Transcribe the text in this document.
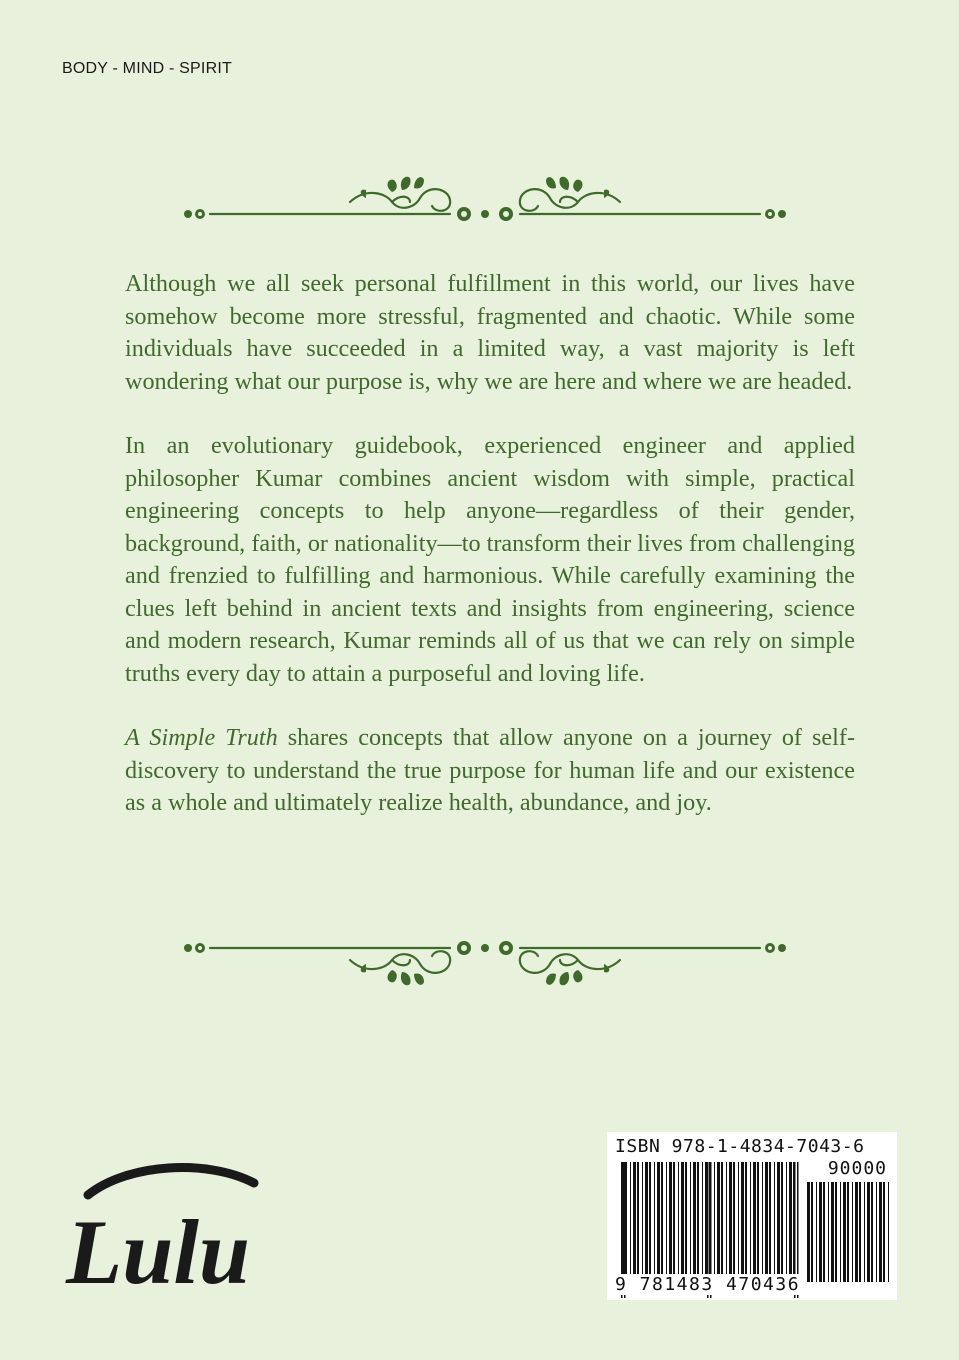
BODY - MIND - SPIRIT

Although we all seek personal fulfillment in this world, our lives have somehow become more stressful, fragmented and chaotic. While some individuals have succeeded in a limited way, a vast majority is left wondering what our purpose is, why we are here and where we are headed.

In an evolutionary guidebook, experienced engineer and applied philosopher Kumar combines ancient wisdom with simple, practical engineering concepts to help anyone—regardless of their gender, background, faith, or nationality—to transform their lives from challenging and frenzied to fulfilling and harmonious. While carefully examining the clues left behind in ancient texts and insights from engineering, science and modern research, Kumar reminds all of us that we can rely on simple truths every day to attain a purposeful and loving life.

A Simple Truth shares concepts that allow anyone on a journey of self-discovery to understand the true purpose for human life and our existence as a whole and ultimately realize health, abundance, and joy.

Lulu
ISBN 978-1-4834-7043-6
90000
9 781483 470436
